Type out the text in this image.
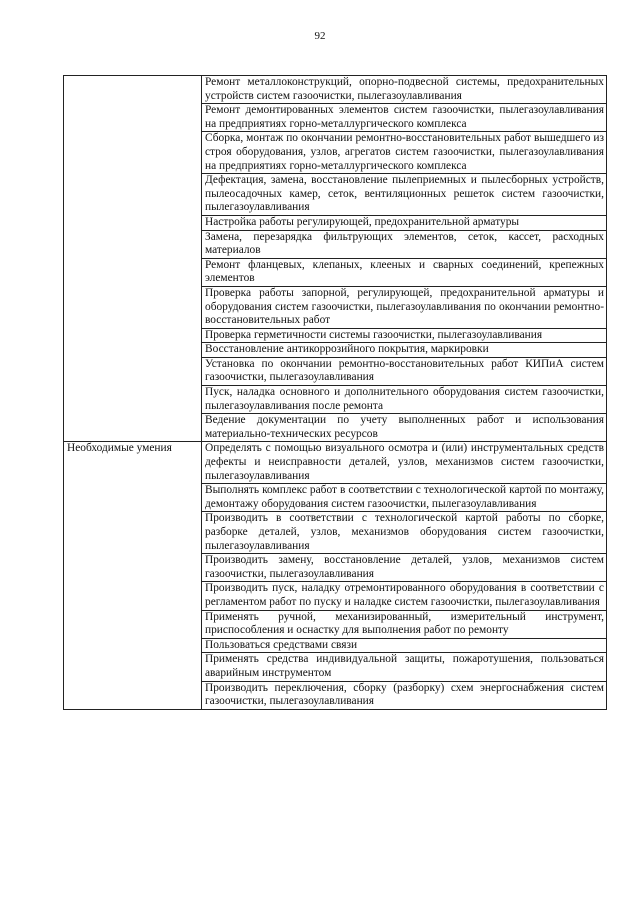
92
	Ремонт металлоконструкций, опорно-подвесной системы, предохранительных устройств систем газоочистки, пылегазоулавливания
	Ремонт демонтированных элементов систем газоочистки, пылегазоулавливания на предприятиях горно-металлургического комплекса
	Сборка, монтаж по окончании ремонтно-восстановительных работ вышедшего из строя оборудования, узлов, агрегатов систем газоочистки, пылегазоулавливания на предприятиях горно-металлургического комплекса
	Дефектация, замена, восстановление пылеприемных и пылесборных устройств, пылеосадочных камер, сеток, вентиляционных решеток систем газоочистки, пылегазоулавливания
	Настройка работы регулирующей, предохранительной арматуры
	Замена, перезарядка фильтрующих элементов, сеток, кассет, расходных материалов
	Ремонт фланцевых, клепаных, клееных и сварных соединений, крепежных элементов
	Проверка работы запорной, регулирующей, предохранительной арматуры и оборудования систем газоочистки, пылегазоулавливания по окончании ремонтно-восстановительных работ
	Проверка герметичности системы газоочистки, пылегазоулавливания
	Восстановление антикоррозийного покрытия, маркировки
	Установка по окончании ремонтно-восстановительных работ КИПиА систем газоочистки, пылегазоулавливания
	Пуск, наладка основного и дополнительного оборудования систем газоочистки, пылегазоулавливания после ремонта
	Ведение документации по учету выполненных работ и использования материально-технических ресурсов
Необходимые умения	Определять с помощью визуального осмотра и (или) инструментальных средств дефекты и неисправности деталей, узлов, механизмов систем газоочистки, пылегазоулавливания
	Выполнять комплекс работ в соответствии с технологической картой по монтажу, демонтажу оборудования систем газоочистки, пылегазоулавливания
	Производить в соответствии с технологической картой работы по сборке, разборке деталей, узлов, механизмов оборудования систем газоочистки, пылегазоулавливания
	Производить замену, восстановление деталей, узлов, механизмов систем газоочистки, пылегазоулавливания
	Производить пуск, наладку отремонтированного оборудования в соответствии с регламентом работ по пуску и наладке систем газоочистки, пылегазоулавливания
	Применять ручной, механизированный, измерительный инструмент, приспособления и оснастку для выполнения работ по ремонту
	Пользоваться средствами связи
	Применять средства индивидуальной защиты, пожаротушения, пользоваться аварийным инструментом
	Производить переключения, сборку (разборку) схем энергоснабжения систем газоочистки, пылегазоулавливания
